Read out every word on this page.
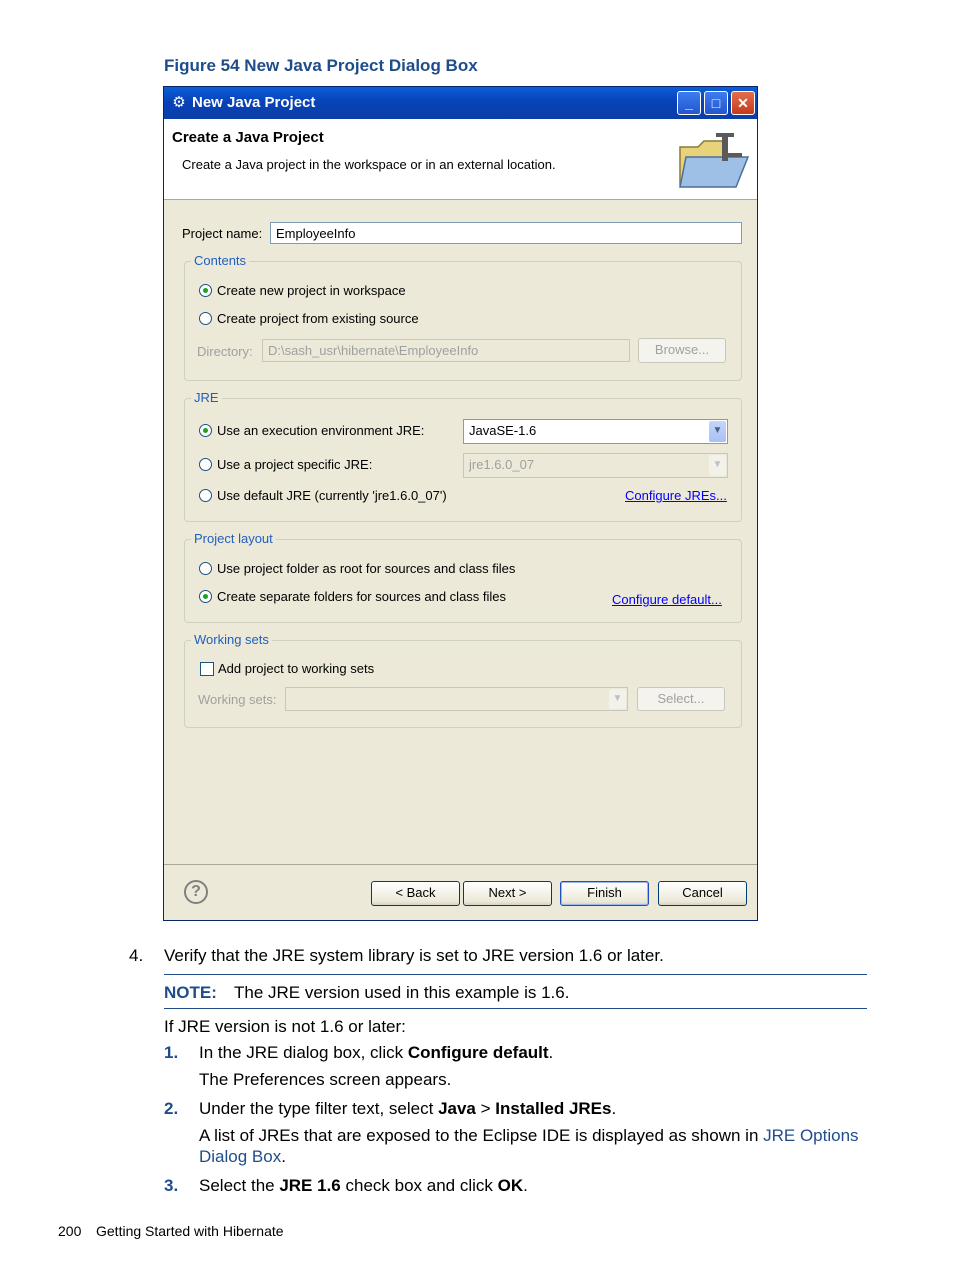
Figure 54 New Java Project Dialog Box
⚙ New Java Project	_	□	✕
Create a Java Project
Create a Java project in the workspace or in an external location.
Project name:	EmployeeInfo
Contents
Create new project in workspace
Create project from existing source
Directory:	D:\sash_usr\hibernate\EmployeeInfo	Browse...
JRE
Use an execution environment JRE:	JavaSE-1.6	▼
Use a project specific JRE:	jre1.6.0_07	▼
Use default JRE (currently 'jre1.6.0_07')	Configure JREs...
Project layout
Use project folder as root for sources and class files
Create separate folders for sources and class files	Configure default...
Working sets
Add project to working sets
Working sets:	▼	Select...
?	< Back	Next >	Finish	Cancel
4. Verify that the JRE system library is set to JRE version 1.6 or later.
NOTE: The JRE version used in this example is 1.6.
If JRE version is not 1.6 or later:
1. In the JRE dialog box, click Configure default.
The Preferences screen appears.
2. Under the type filter text, select Java > Installed JREs.
A list of JREs that are exposed to the Eclipse IDE is displayed as shown in JRE Options
Dialog Box.
3. Select the JRE 1.6 check box and click OK.
200 Getting Started with Hibernate
